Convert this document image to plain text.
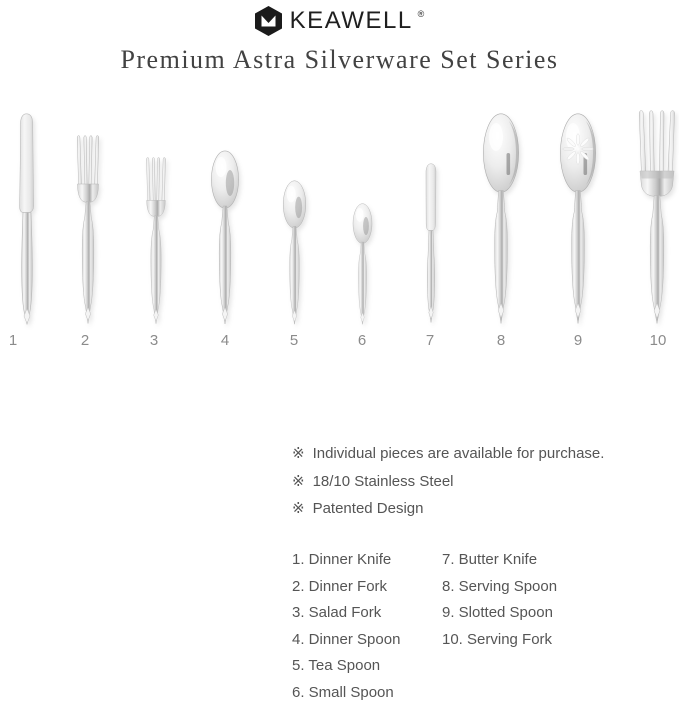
KEAWELL ®
Premium Astra Silverware Set Series
1	2	3	4	5	6	7	8	9	10

※ Individual pieces are available for purchase.

※ 18/10 Stainless Steel

※ Patented Design

1. Dinner Knife
2. Dinner Fork
3. Salad Fork
4. Dinner Spoon
5. Tea Spoon
6. Small Spoon
7. Butter Knife
8. Serving Spoon
9. Slotted Spoon
10. Serving Fork
